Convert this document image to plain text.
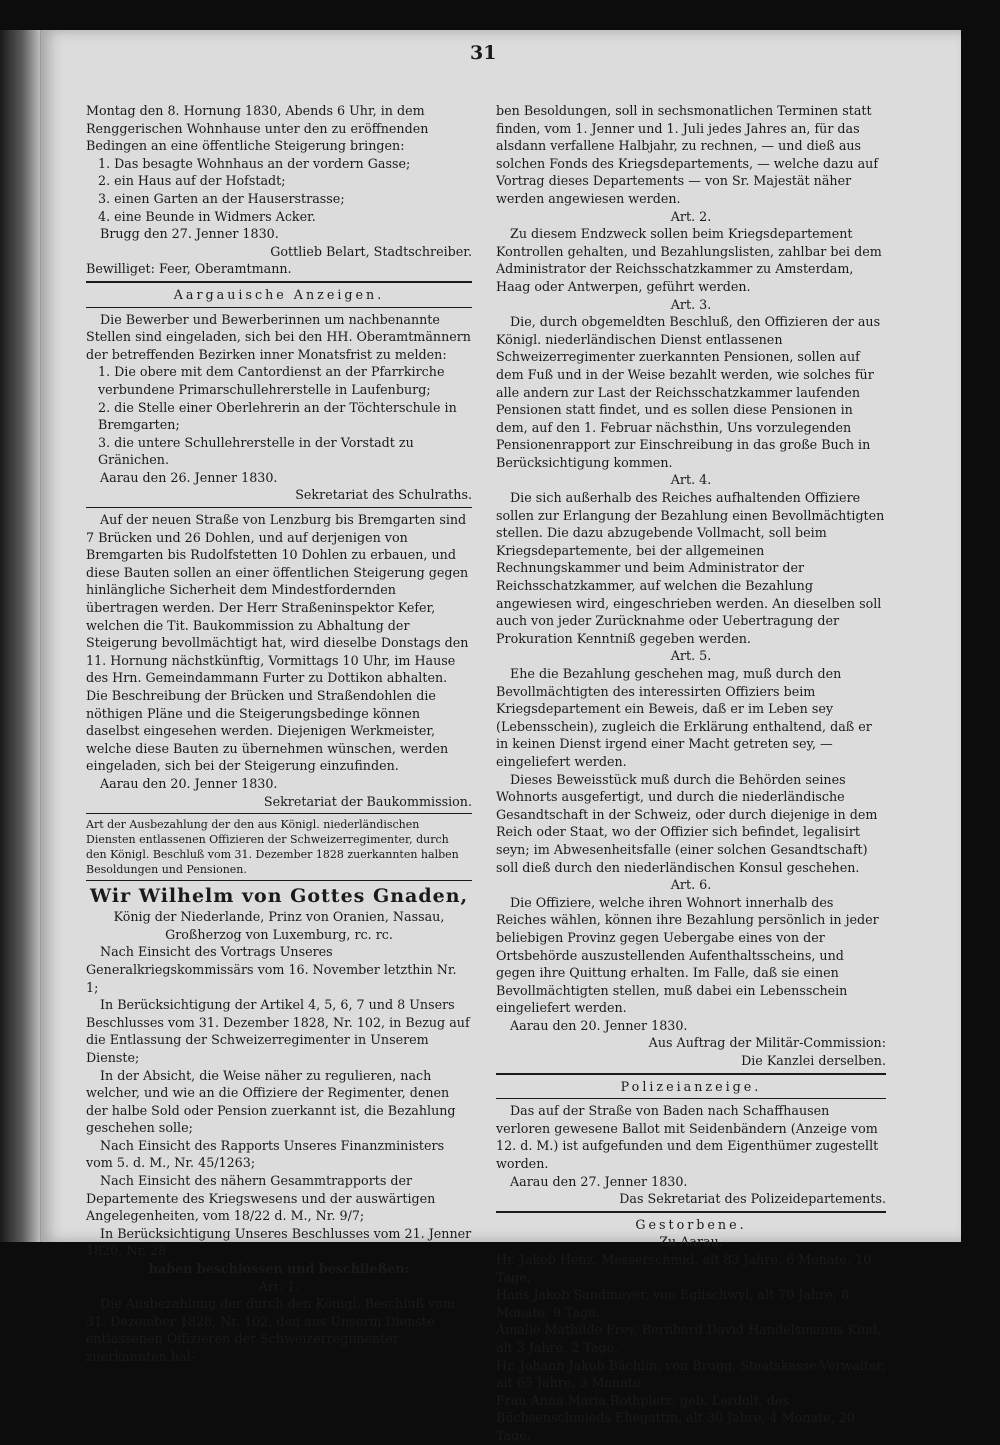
31

Montag den 8. Hornung 1830, Abends 6 Uhr, in dem Renggerischen Wohnhause unter den zu eröffnenden Bedingen an eine öffentliche Steigerung bringen:

1. Das besagte Wohnhaus an der vordern Gasse;

2. ein Haus auf der Hofstadt;

3. einen Garten an der Hauserstrasse;

4. eine Beunde in Widmers Acker.

Brugg den 27. Jenner 1830.

Gottlieb Belart, Stadtschreiber.

Bewilliget: Feer, Oberamtmann.

Aargauische Anzeigen.

Die Bewerber und Bewerberinnen um nachbenannte Stellen sind eingeladen, sich bei den HH. Oberamtmännern der betreffenden Bezirken inner Monatsfrist zu melden:

1. Die obere mit dem Cantordienst an der Pfarrkirche verbundene Primarschullehrerstelle in Laufenburg;

2. die Stelle einer Oberlehrerin an der Töchterschule in Bremgarten;

3. die untere Schullehrerstelle in der Vorstadt zu Gränichen.

Aarau den 26. Jenner 1830.

Sekretariat des Schulraths.

Auf der neuen Straße von Lenzburg bis Bremgarten sind 7 Brücken und 26 Dohlen, und auf derjenigen von Bremgarten bis Rudolfstetten 10 Dohlen zu erbauen, und diese Bauten sollen an einer öffentlichen Steigerung gegen hinlängliche Sicherheit dem Mindestfordernden übertragen werden. Der Herr Straßeninspektor Kefer, welchen die Tit. Baukommission zu Abhaltung der Steigerung bevollmächtigt hat, wird dieselbe Donstags den 11. Hornung nächstkünftig, Vormittags 10 Uhr, im Hause des Hrn. Gemeindammann Furter zu Dottikon abhalten. Die Beschreibung der Brücken und Straßendohlen die nöthigen Pläne und die Steigerungsbedinge können daselbst eingesehen werden. Diejenigen Werkmeister, welche diese Bauten zu übernehmen wünschen, werden eingeladen, sich bei der Steigerung einzufinden.

Aarau den 20. Jenner 1830.

Sekretariat der Baukommission.

Art der Ausbezahlung der den aus Königl. niederländischen Diensten entlassenen Offizieren der Schweizerregimenter, durch den Königl. Beschluß vom 31. Dezember 1828 zuerkannten halben Besoldungen und Pensionen.

Wir Wilhelm von Gottes Gnaden,

König der Niederlande, Prinz von Oranien, Nassau, Großherzog von Luxemburg, rc. rc.

Nach Einsicht des Vortrags Unseres Generalkriegskommissärs vom 16. November letzthin Nr. 1;

In Berücksichtigung der Artikel 4, 5, 6, 7 und 8 Unsers Beschlusses vom 31. Dezember 1828, Nr. 102, in Bezug auf die Entlassung der Schweizerregimenter in Unserem Dienste;

In der Absicht, die Weise näher zu regulieren, nach welcher, und wie an die Offiziere der Regimenter, denen der halbe Sold oder Pension zuerkannt ist, die Bezahlung geschehen solle;

Nach Einsicht des Rapports Unseres Finanzministers vom 5. d. M., Nr. 45/1263;

Nach Einsicht des nähern Gesammtrapports der Departemente des Kriegswesens und der auswärtigen Angelegenheiten, vom 18/22 d. M., Nr. 9/7;

In Berücksichtigung Unseres Beschlusses vom 21. Jenner 1820, Nr. 28

haben beschlossen und beschließen:

Art. 1.

Die Ausbezahlung der durch den Königl. Beschluß vom 31. Dezember 1828, Nr. 102, den aus Unserm Dienste entlassenen Offizieren der Schweizerregimenter zuerkannten hal-

ben Besoldungen, soll in sechsmonatlichen Terminen statt finden, vom 1. Jenner und 1. Juli jedes Jahres an, für das alsdann verfallene Halbjahr, zu rechnen, — und dieß aus solchen Fonds des Kriegsdepartements, — welche dazu auf Vortrag dieses Departements — von Sr. Majestät näher werden angewiesen werden.

Art. 2.

Zu diesem Endzweck sollen beim Kriegsdepartement Kontrollen gehalten, und Bezahlungslisten, zahlbar bei dem Administrator der Reichsschatzkammer zu Amsterdam, Haag oder Antwerpen, geführt werden.

Art. 3.

Die, durch obgemeldten Beschluß, den Offizieren der aus Königl. niederländischen Dienst entlassenen Schweizerregimenter zuerkannten Pensionen, sollen auf dem Fuß und in der Weise bezahlt werden, wie solches für alle andern zur Last der Reichsschatzkammer laufenden Pensionen statt findet, und es sollen diese Pensionen in dem, auf den 1. Februar nächsthin, Uns vorzulegenden Pensionenrapport zur Einschreibung in das große Buch in Berücksichtigung kommen.

Art. 4.

Die sich außerhalb des Reiches aufhaltenden Offiziere sollen zur Erlangung der Bezahlung einen Bevollmächtigten stellen. Die dazu abzugebende Vollmacht, soll beim Kriegsdepartemente, bei der allgemeinen Rechnungskammer und beim Administrator der Reichsschatzkammer, auf welchen die Bezahlung angewiesen wird, eingeschrieben werden. An dieselben soll auch von jeder Zurücknahme oder Uebertragung der Prokuration Kenntniß gegeben werden.

Art. 5.

Ehe die Bezahlung geschehen mag, muß durch den Bevollmächtigten des interessirten Offiziers beim Kriegsdepartement ein Beweis, daß er im Leben sey (Lebensschein), zugleich die Erklärung enthaltend, daß er in keinen Dienst irgend einer Macht getreten sey, — eingeliefert werden.

Dieses Beweisstück muß durch die Behörden seines Wohnorts ausgefertigt, und durch die niederländische Gesandtschaft in der Schweiz, oder durch diejenige in dem Reich oder Staat, wo der Offizier sich befindet, legalisirt seyn; im Abwesenheitsfalle (einer solchen Gesandtschaft) soll dieß durch den niederländischen Konsul geschehen.

Art. 6.

Die Offiziere, welche ihren Wohnort innerhalb des Reiches wählen, können ihre Bezahlung persönlich in jeder beliebigen Provinz gegen Uebergabe eines von der Ortsbehörde auszustellenden Aufenthaltsscheins, und gegen ihre Quittung erhalten. Im Falle, daß sie einen Bevollmächtigten stellen, muß dabei ein Lebensschein eingeliefert werden.

Aarau den 20. Jenner 1830.

Aus Auftrag der Militär-Commission:

Die Kanzlei derselben.

Polizeianzeige.

Das auf der Straße von Baden nach Schaffhausen verloren gewesene Ballot mit Seidenbändern (Anzeige vom 12. d. M.) ist aufgefunden und dem Eigenthümer zugestellt worden.

Aarau den 27. Jenner 1830.

Das Sekretariat des Polizeidepartements.

Gestorbene.

Zu Aarau.

Hr. Jakob Henz, Messerschmid, alt 83 Jahre, 6 Monate, 10 Tage.

Hans Jakob Sandmeyer, von Eglischwyl, alt 70 Jahre, 8 Monate, 9 Tage.

Amalie Mathilde Frey, Bernhard David Handelsmanns Kind, alt 3 Jahre, 2 Tage.

Hr. Johann Jakob Bächlin, von Brugg, Staatskasse-Verwalter, alt 65 Jahre, 3 Monate.

Frau Anna Maria Rothpletz, geb. Lerdolt, des Büchsenschmieds Ehegattin, alt 30 Jahre, 4 Monate, 20 Tage.
